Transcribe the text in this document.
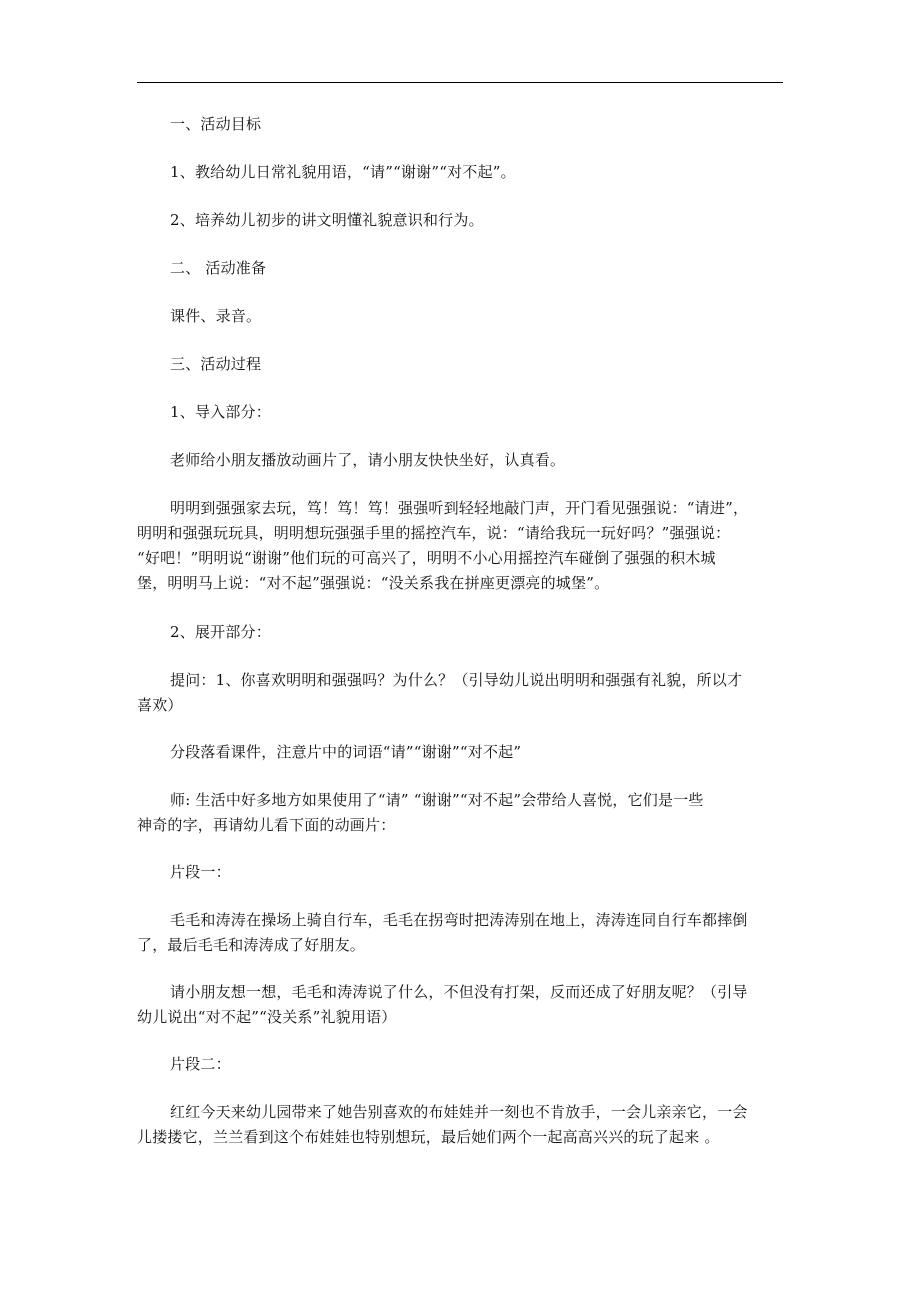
一、活动目标

1、教给幼儿日常礼貌用语，“请”“谢谢”“对不起”。

2、培养幼儿初步的讲文明懂礼貌意识和行为。

二、 活动准备

课件、录音。

三、活动过程

1、导入部分：

老师给小朋友播放动画片了，请小朋友快快坐好，认真看。

明明到强强家去玩，笃！笃！笃！强强听到轻轻地敲门声，开门看见强强说：“请进”，
明明和强强玩玩具，明明想玩强强手里的摇控汽车，说：“请给我玩一玩好吗？”强强说：
“好吧！”明明说“谢谢”他们玩的可高兴了，明明不小心用摇控汽车碰倒了强强的积木城
堡，明明马上说：“对不起”强强说：“没关系我在拼座更漂亮的城堡”。

2、展开部分：

提问：1、你喜欢明明和强强吗？为什么？（引导幼儿说出明明和强强有礼貌，所以才
喜欢）

分段落看课件，注意片中的词语“请”“谢谢”“对不起”

师: 生活中好多地方如果使用了“请” “谢谢”“对不起”会带给人喜悦，它们是一些
神奇的字，再请幼儿看下面的动画片：

片段一：

毛毛和涛涛在操场上骑自行车，毛毛在拐弯时把涛涛别在地上，涛涛连同自行车都摔倒
了，最后毛毛和涛涛成了好朋友。
请小朋友想一想，毛毛和涛涛说了什么，不但没有打架，反而还成了好朋友呢？（引导
幼儿说出“对不起”“没关系”礼貌用语）

片段二：

红红今天来幼儿园带来了她告别喜欢的布娃娃并一刻也不肯放手，一会儿亲亲它，一会
儿搂搂它，兰兰看到这个布娃娃也特别想玩，最后她们两个一起高高兴兴的玩了起来 。
